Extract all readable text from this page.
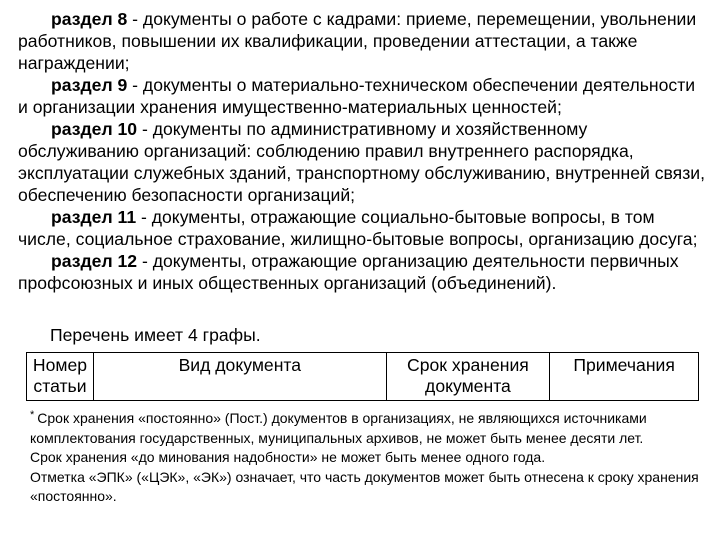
раздел 8 - документы о работе с кадрами: приеме, перемещении, увольнении работников, повышении их квалификации, проведении аттестации, а также награждении;

раздел 9 - документы о материально-техническом обеспечении деятельности и организации хранения имущественно-материальных ценностей;

раздел 10 - документы по административному и хозяйственному обслуживанию организаций: соблюдению правил внутреннего распорядка, эксплуатации служебных зданий, транспортному обслуживанию, внутренней связи, обеспечению безопасности организаций;

раздел 11 - документы, отражающие социально-бытовые вопросы, в том числе, социальное страхование, жилищно-бытовые вопросы, организацию досуга;

раздел 12 - документы, отражающие организацию деятельности первичных профсоюзных и иных общественных организаций (объединений).

Перечень имеет 4 графы.
Номер статьи	Вид документа	Срок хранения документа	Примечания

* Срок хранения «постоянно» (Пост.) документов в организациях, не являющихся источниками комплектования государственных, муниципальных архивов, не может быть менее десяти лет.

Срок хранения «до минования надобности» не может быть менее одного года.

Отметка «ЭПК» («ЦЭК», «ЭК») означает, что часть документов может быть отнесена к сроку хранения «постоянно».
